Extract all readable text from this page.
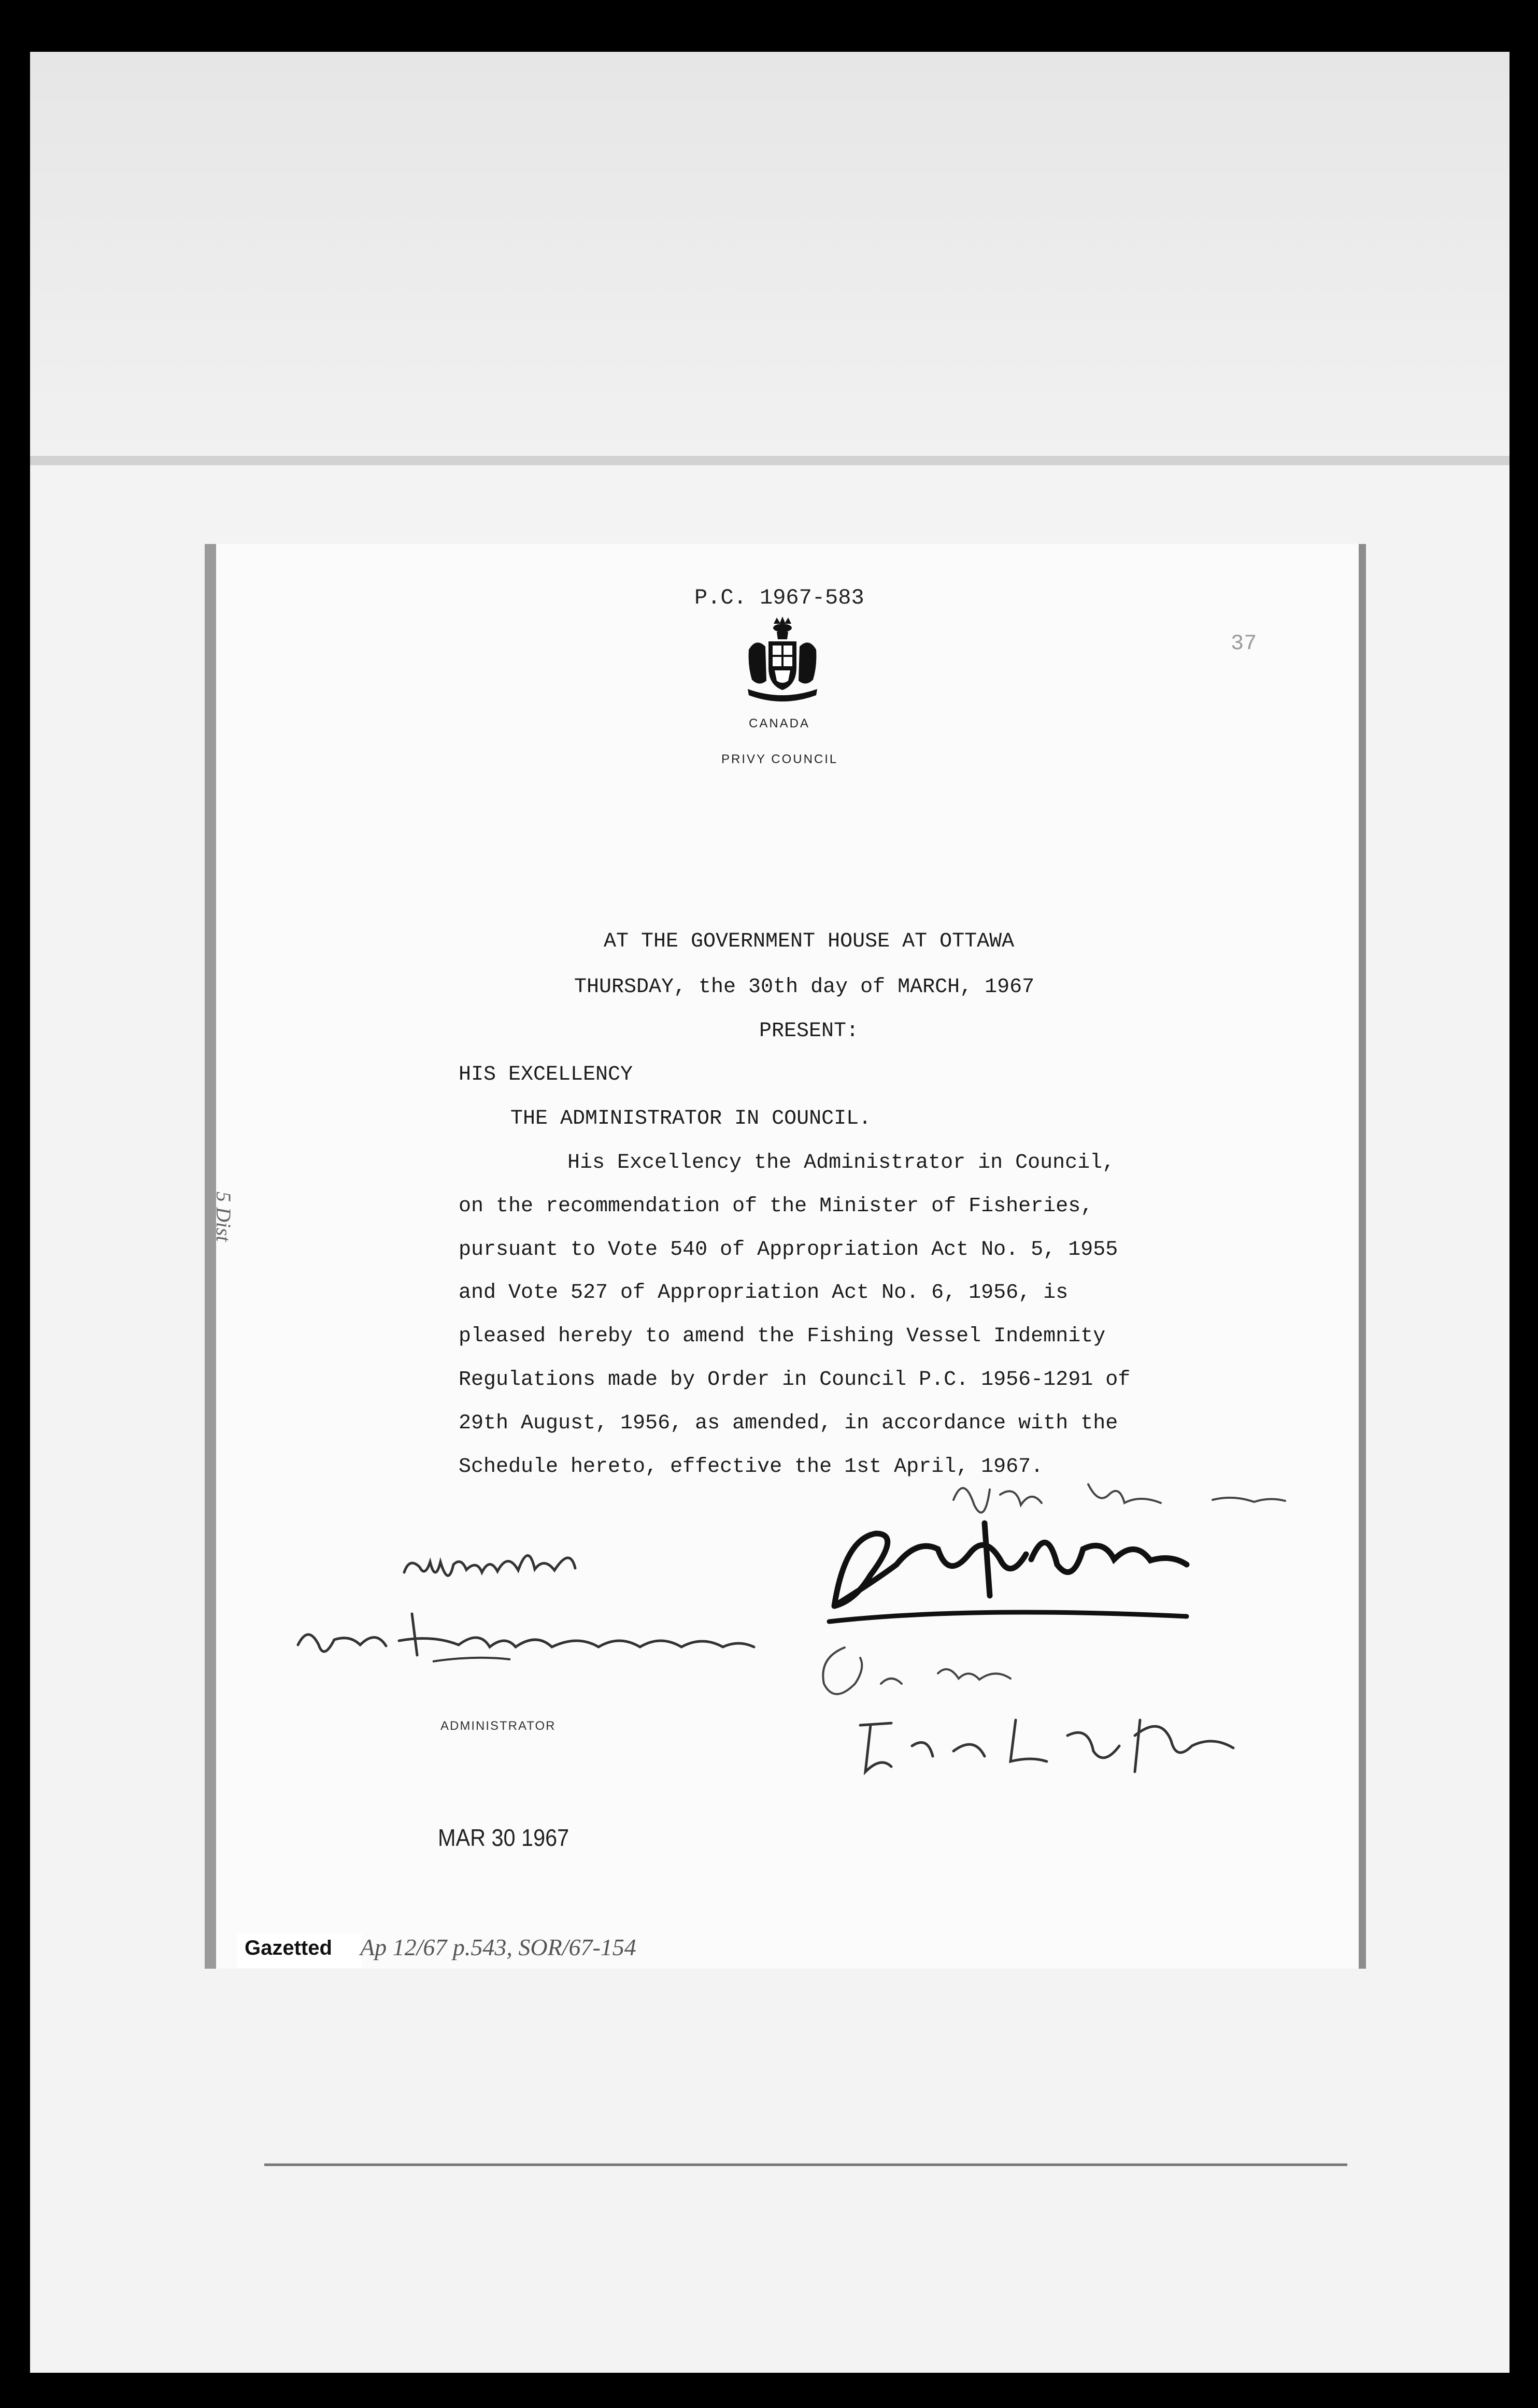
P.C. 1967-583
37
CANADA
PRIVY COUNCIL
AT THE GOVERNMENT HOUSE AT OTTAWA
THURSDAY, the 30th day of MARCH, 1967
PRESENT:
HIS EXCELLENCY
THE ADMINISTRATOR IN COUNCIL.
His Excellency the Administrator in Council,
on the recommendation of the Minister of Fisheries,
pursuant to Vote 540 of Appropriation Act No. 5, 1955
and Vote 527 of Appropriation Act No. 6, 1956, is
pleased hereby to amend the Fishing Vessel Indemnity
Regulations made by Order in Council P.C. 1956-1291 of
29th August, 1956, as amended, in accordance with the
Schedule hereto, effective the 1st April, 1967.
ADMINISTRATOR
MAR 30 1967
Gazetted Ap 12/67 p.543, SOR/67-154
5 Dist
